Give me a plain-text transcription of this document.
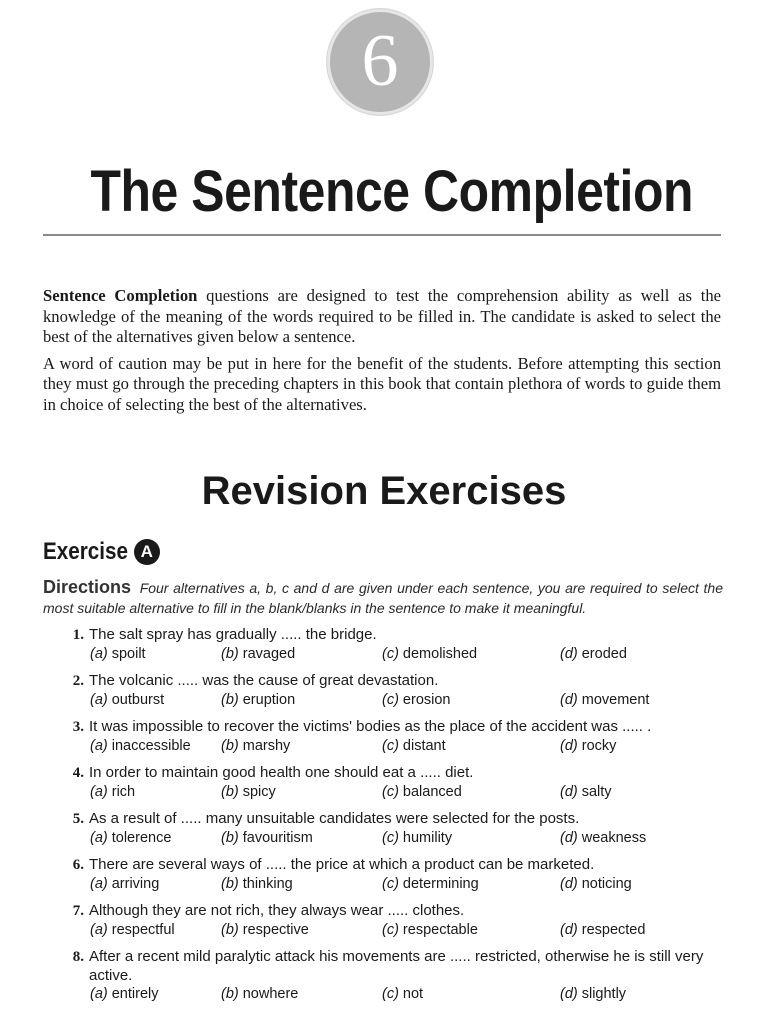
6
The Sentence Completion

Sentence Completion questions are designed to test the comprehension ability as well as the knowledge of the meaning of the words required to be filled in. The candidate is asked to select the best of the alternatives given below a sentence.

A word of caution may be put in here for the benefit of the students. Before attempting this section they must go through the preceding chapters in this book that contain plethora of words to guide them in choice of selecting the best of the alternatives.

Revision Exercises
Exercise A
Directions Four alternatives a, b, c and d are given under each sentence, you are required to select the most suitable alternative to fill in the blank/blanks in the sentence to make it meaningful.
1. The salt spray has gradually ..... the bridge.
(a) spoilt	(b) ravaged	(c) demolished	(d) eroded
2. The volcanic ..... was the cause of great devastation.
(a) outburst	(b) eruption	(c) erosion	(d) movement
3. It was impossible to recover the victims' bodies as the place of the accident was ..... .
(a) inaccessible (b) marshy	(c) distant	(d) rocky
4. In order to maintain good health one should eat a ..... diet.
(a) rich	(b) spicy	(c) balanced	(d) salty
5. As a result of ..... many unsuitable candidates were selected for the posts.
(a) tolerence	(b) favouritism	(c) humility	(d) weakness
6. There are several ways of ..... the price at which a product can be marketed.
(a) arriving	(b) thinking	(c) determining	(d) noticing
7. Although they are not rich, they always wear ..... clothes.
(a) respectful	(b) respective	(c) respectable	(d) respected
8. After a recent mild paralytic attack his movements are ..... restricted, otherwise he is still very active.
(a) entirely	(b) nowhere	(c) not	(d) slightly
